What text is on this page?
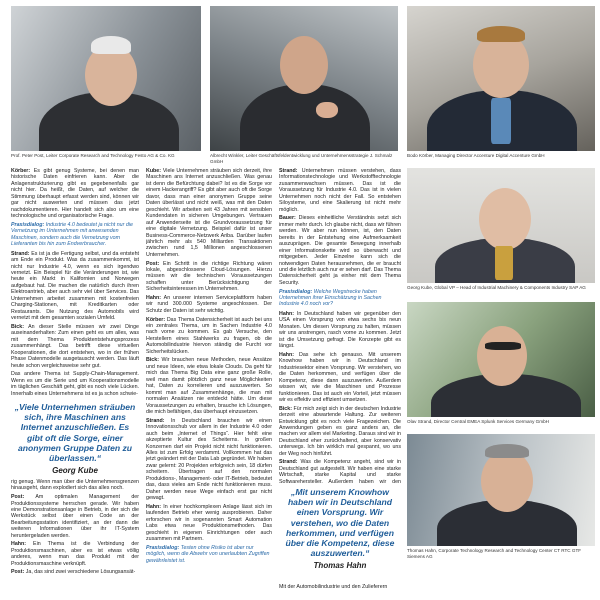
Prof. Peter Post, Leiter Corporate Research and Technology Festo AG & Co. KG	Albrecht Winkler, Leiter Geschäftsfeldentwicklung und Unternehmensstrategie J. Schmalz GmbH
Bodo Körber, Managing Director Accenture Digital Accenture GmbH
Georg Kube, Global VP – Head of Industrial Machinery & Components Industry SAP AG
Olav Strand, Director Central EMEA Splunk Services Germany GmbH
Thomas Hahn, Corporate Technology Research and Technology Center CT RTC GTF Siemens AG

Körber: Es gibt genug Systeme, bei denen man historische Daten einfrieren kann. Aber die Anlagenstrukturierung gibt es gegebenenfalls gar nicht hier. Da heißt, die Daten, auf welcher die Stimmung überhaupt erfasst werden sind, können wir gar nicht auswerten und müssen das jetzt nachdokumentieren. Hier handelt sich also um eine technologische und organisatorische Frage.

Praxisdialog: Industrie 4.0 bedeutet ja nicht nur die Vernetzung im Unternehmen mit anwesenden Maschinen, sondern auch die Vernetzung vom Lieferanten bis hin zum Endverbraucher.

Strand: Es ist ja die Fertigung selbst, und da entsteht am Ende ein Produkt. Was da zusammenkommt, ist nicht nur Industrie 4.0, wenn es sich irgendwo vernetzt. Ein Beispiel für die Veränderungen ist, wie heute ein Markt in Kalifornien und Norwegen aufgebaut hat. Die machen die natürlich durch ihren Elektroantrieb, aber auch sehr viel über Services. Das Unternehmen arbeitet zusammen mit kostenfreien Charging-Stationen, mit Kreditkarten oder Restaurants. Die Nutzung des Automobils wird vernetzt mit dem gesamten sozialen Umfeld.

Bick: An dieser Stelle müssen wir zwei Dinge auseinanderhalten: Zum einen geht es um alles, was mit dem Thema Produktentstehungsprozess zusammenhängt. Das betrifft diese virtuellen Kooperationen, die dort entstehen, wo in der frühen Phase Datenmodelle ausgetauscht werden. Das läuft heute schon vergleichsweise sehr gut.

Das andere Thema ist Supply-Chain-Management. Wenn es um die Serie und um Kooperationsmodelle im täglichen Geschäft geht, gibt es noch viele Lücken. Innerhalb eines Unternehmens ist es ja schon schwie-

„Viele Unternehmen sträuben sich, ihre Maschinen ans Internet anzuschließen. Es gibt oft die Sorge, einer anonymen Gruppe Daten zu überlassen.“
Georg Kube

rig genug. Wenn man über die Unternehmensgrenzen hinausgeht, dann explodiert sich das alles noch.

Post: Am optimalen Management der Produktionssysteme herrschen gerade. Wir haben eine Demonstrationsanlage in Betrieb, in der sich die Werkstück selbst über einen Code an der Bearbeitungsstation identifiziert, an der dann die weiteren Informationen über ihr IT-System heruntergeladen werden.

Hahn: Ein Thema ist die Verbindung der Produktionsmaschinen, aber es ist etwas völlig anderes, wenn man das Produkt mit der Produktionsmaschine verknüpft.

Post: Ja, das sind zwei verschiedene Lösungsansät-

Kube: Viele Unternehmen sträuben sich derzeit, ihre Maschinen ans Internet anzuschließen. Was genau ist denn die Befürchtung dabei? Ist es die Sorge vor einem Hackerangriff? Es gibt aber auch oft die Sorge davor, dass man einer anonymen Gruppe seine Daten überlässt und nicht weiß, was mit den Daten geschieht. Wir arbeiten seit 43 Jahren mit sensiblen Kundendaten in sicheren Umgebungen. Vertrauen auf Anwenderseite ist die Grundvoraussetzung für eine digitale Vernetzung. Beispiel dafür ist unser Business-Commerce-Netzwerk Ariba. Darüber laufen jährlich mehr als 540 Milliarden Transaktionen zwischen rund 1,5 Millionen angeschlossenen Unternehmen.

Post: Ein Schritt in die richtige Richtung wären lokale, abgeschlossene Cloud-Lösungen. Hierzu müssen wir die technischen Voraussetzungen schaffen unter Berücksichtigung der Sicherheitsinteressen im Unternehmen.

Hahn: An unserer internen Serviceplattform haben wir rund 300.000 Systeme angeschlossen. Der Schutz der Daten ist sehr wichtig.

Körber: Das Thema Datensicherheit ist auch bei uns ein zentrales Thema, um in Sachen Industrie 4.0 nach vorne zu kommen. Es gab Versuche, den Herstellern eines Stahlwerks zu fragen, ob die Automobilindustrie hiervon ständig die Furcht vor Sicherheitslücken.

Bick: Wir brauchen neue Methoden, neue Ansätze und neue Ideen, wie etwa lokale Clouds. Da geht für mich das Thema Big Data eine ganz große Rolle, weil man damit plötzlich ganz neue Möglichkeiten hat, Daten zu korrelieren und auszuwerten. So kommt man auf Zusammenhänge, die man mit normalen Ansätzen nie entdeckt hätte. Um diese Voraussetzungen zu erhalten, brauche ich Lösungen, die mich befähigen, das überhaupt einzusetzen.

Strand: In Deutschland brauchen wir einen Innovationsschub vor allem in der Industrie 4.0 oder auch beim „Internet of Things“. Hier fehlt eine akzeptierte Kultur des Scheiterns. In großen Konzernen darf ein Projekt nicht nicht funktionieren. Alles ist zum Erfolg verdammt. Vollkommen hat das jetzt geändert mit der Data Lab gegründet. Wir haben zwar gelernt: 20 Projekten erfolgreich sein, 18 dürfen scheitern. Übertragen auf den normalen Produktions-, Management- oder IT-Betrieb, bedeutet das, dass vieles am Ende nicht funktionieren muss. Daher werden neue Wege einfach erst gar nicht gewagt.

Hahn: In einer hochkomplexen Anlage lässt sich im laufenden Betrieb eher wenig ausprobieren. Daher erforschen wir in sogenannten Smart Automation Labs etwa neue Produktionsmethoden. Das geschieht in eigenen Einrichtungen oder auch zusammen mit Partnern.

Praxisdialog: Testen ohne Risiko ist aber nur möglich, wenn die Abwehr von unerlaubten Zugriffen gewährleistet ist.

Strand: Unternehmen müssen verstehen, dass Informationstechnologie und Werkstofftechnologie zusammenwachsen müssen. Das ist die Voraussetzung für Industrie 4.0. Das ist in vielen Unternehmen noch nicht der Fall. So entstehen Siloysteme, und eine Skalierung ist nicht mehr möglich.

Bauer: Dieses einheitliche Verständnis setzt sich immer mehr durch. Ich glaube nicht, dass wir führen werden. Wir aber nun können, ist, den Daten bereits in der Entstehung eine Aufmerksamkeit auszuprägen. Die gesamte Bewegung innerhalb einer Informationskette wird so überwacht und mitgegeben. Jeder Einzelne kann sich die notwendigen Daten herausnehmen, die er braucht und die letztlich auch nur er sehen darf. Das Thema Datensicherheit geht ja einher mit dem Thema Security.

Praxisdialog: Welche Wegstrecke haben Unternehmen ihrer Einschätzung in Sachen Industrie 4.0 noch vor?

Hahn: In Deutschland haben wir gegenüber den USA einen Vorsprung von etwa sechs bis neun Monaten. Um diesen Vorsprung zu halten, müssen wir uns anstrengen, rasch vorne zu kommen. Jetzt ist die Umsetzung gefragt. Die Konzepte gibt es längst.

Hahn: Das sehe ich genauso. Mit unserem Knowhow haben wir in Deutschland im Industriesektor einen Vorsprung. Wir verstehen, wo die Daten herkommen, und verfügen über die Kompetenz, diese dann auszuwerten. Außerdem wissen wir, wie die Maschinen und Prozesse funktionieren. Das ist auch ein Vorteil, jetzt müssen wir es effektiv und effizient umsetzen.

Bick: Für mich zeigt sich in der deutschen Industrie derzeit eine abwartende Haltung. Zur weiteren Entwicklung gibt es noch viele Fragezeichen. Die Anwendungen geben es ganz anders an, die machen vor allem viel Marketing. Daraus sind wir in Deutschland eher zurückhaltend, aber konservativ unterwegs. Ich bin wirklich mal gespannt, wo uns der Weg noch hinführt.

Strand: Was die Kompetenz angeht, sind wir in Deutschland gut aufgestellt. Wir haben eine starke Wirtschaft, starke Kapital und starke Softwarehersteller. Außerdem haben wir den

„Mit unserem Knowhow haben wir in Deutschland einen Vorsprung. Wir verstehen, wo die Daten herkommen, und verfügen über die Kompetenz, diese auszuwerten.“
Thomas Hahn

Mit der Automobilindustrie und den Zulieferern
